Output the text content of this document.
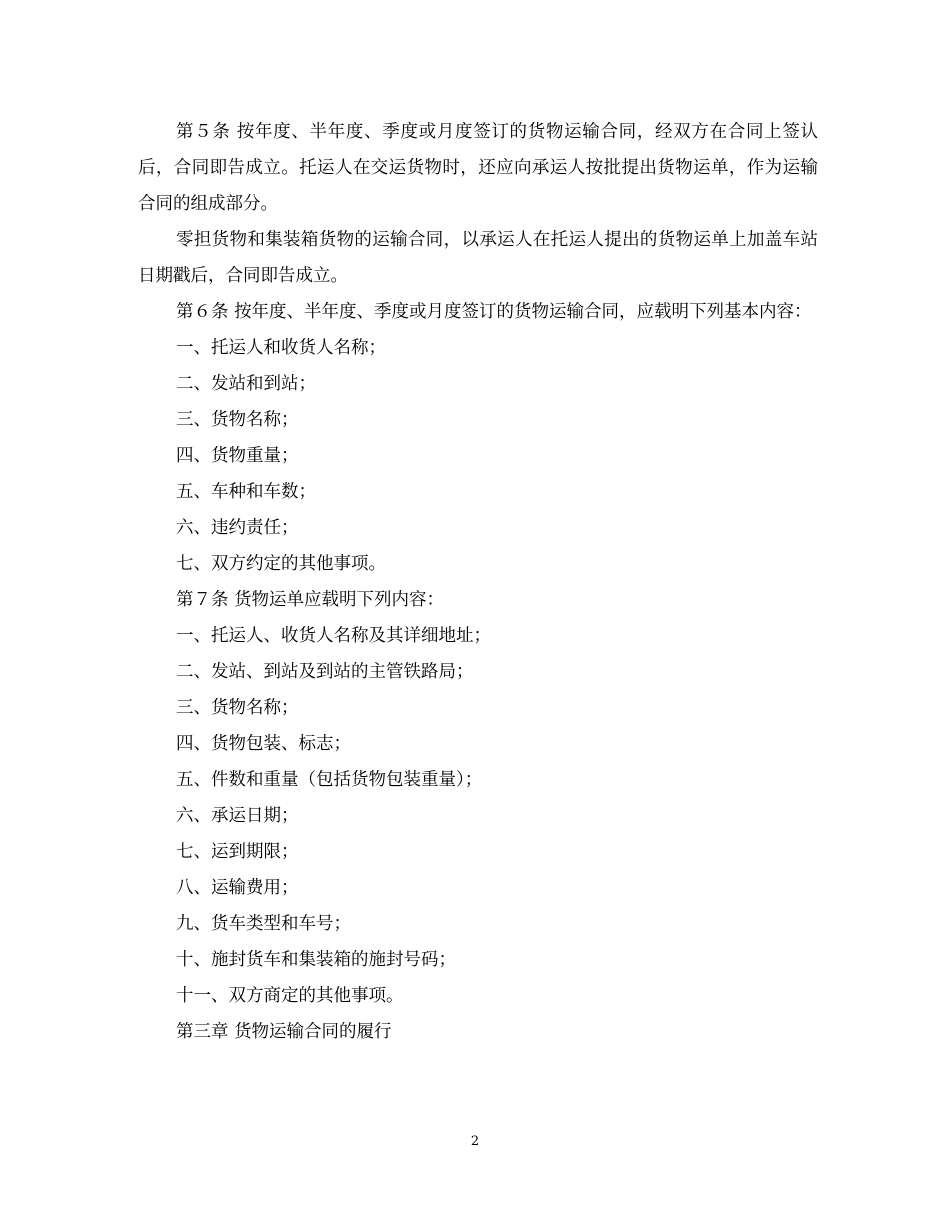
第５条 按年度、半年度、季度或月度签订的货物运输合同，经双方在合同上签认后，合同即告成立。托运人在交运货物时，还应向承运人按批提出货物运单，作为运输合同的组成部分。

零担货物和集装箱货物的运输合同，以承运人在托运人提出的货物运单上加盖车站日期戳后，合同即告成立。

第６条 按年度、半年度、季度或月度签订的货物运输合同，应载明下列基本内容：

一、托运人和收货人名称；

二、发站和到站；

三、货物名称；

四、货物重量；

五、车种和车数；

六、违约责任；

七、双方约定的其他事项。

第７条 货物运单应载明下列内容：

一、托运人、收货人名称及其详细地址；

二、发站、到站及到站的主管铁路局；

三、货物名称；

四、货物包装、标志；

五、件数和重量（包括货物包装重量）；

六、承运日期；

七、运到期限；

八、运输费用；

九、货车类型和车号；

十、施封货车和集装箱的施封号码；

十一、双方商定的其他事项。

第三章 货物运输合同的履行

2
